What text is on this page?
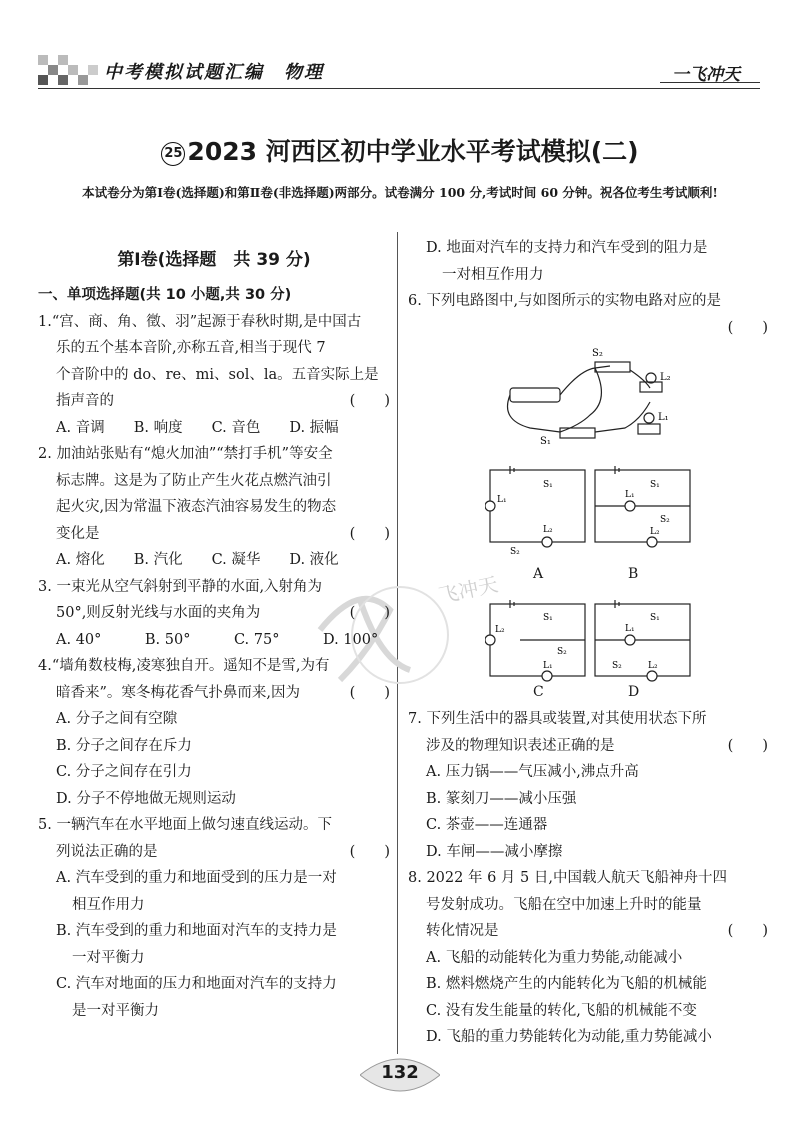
中考模拟试题汇编　物理	一飞冲天
25 2023 河西区初中学业水平考试模拟(二)
本试卷分为第Ⅰ卷(选择题)和第Ⅱ卷(非选择题)两部分。试卷满分 100 分,考试时间 60 分钟。祝各位考生考试顺利!
飞冲天

第Ⅰ卷(选择题　共 39 分)

一、单项选择题(共 10 小题,共 30 分)

1.“宫、商、角、徵、羽”起源于春秋时期,是中国古

乐的五个基本音阶,亦称五音,相当于现代 7

个音阶中的 do、re、mi、sol、la。五音实际上是

指声音的	(　　)

A. 音调　　B. 响度　　C. 音色　　D. 振幅

2. 加油站张贴有“熄火加油”“禁打手机”等安全

标志牌。这是为了防止产生火花点燃汽油引

起火灾,因为常温下液态汽油容易发生的物态

变化是	(　　)

A. 熔化　　B. 汽化　　C. 凝华　　D. 液化

3. 一束光从空气斜射到平静的水面,入射角为

50°,则反射光线与水面的夹角为	(　　)

A. 40°　　　B. 50°　　　C. 75°　　　D. 100°

4.“墙角数枝梅,凌寒独自开。遥知不是雪,为有

暗香来”。寒冬梅花香气扑鼻而来,因为	(　　)

A. 分子之间有空隙

B. 分子之间存在斥力

C. 分子之间存在引力

D. 分子不停地做无规则运动

5. 一辆汽车在水平地面上做匀速直线运动。下

列说法正确的是	(　　)

A. 汽车受到的重力和地面受到的压力是一对

相互作用力

B. 汽车受到的重力和地面对汽车的支持力是

一对平衡力

C. 汽车对地面的压力和地面对汽车的支持力

是一对平衡力

D. 地面对汽车的支持力和汽车受到的阻力是

一对相互作用力

6. 下列电路图中,与如图所示的实物电路对应的是

(　　)

S₂
L₂
L₁
S₁
L₁
S₁
L₂
S₂
L₁
S₁
S₂
L₂
A	B
L₂
S₁
S₂
L₁
S₁
L₁
S₂	L₂
C	D

7. 下列生活中的器具或装置,对其使用状态下所

涉及的物理知识表述正确的是	(　　)

A. 压力锅——气压减小,沸点升高

B. 篆刻刀——减小压强

C. 茶壶——连通器

D. 车闸——减小摩擦

8. 2022 年 6 月 5 日,中国载人航天飞船神舟十四

号发射成功。飞船在空中加速上升时的能量

转化情况是	(　　)

A. 飞船的动能转化为重力势能,动能减小

B. 燃料燃烧产生的内能转化为飞船的机械能

C. 没有发生能量的转化,飞船的机械能不变

D. 飞船的重力势能转化为动能,重力势能减小

132
